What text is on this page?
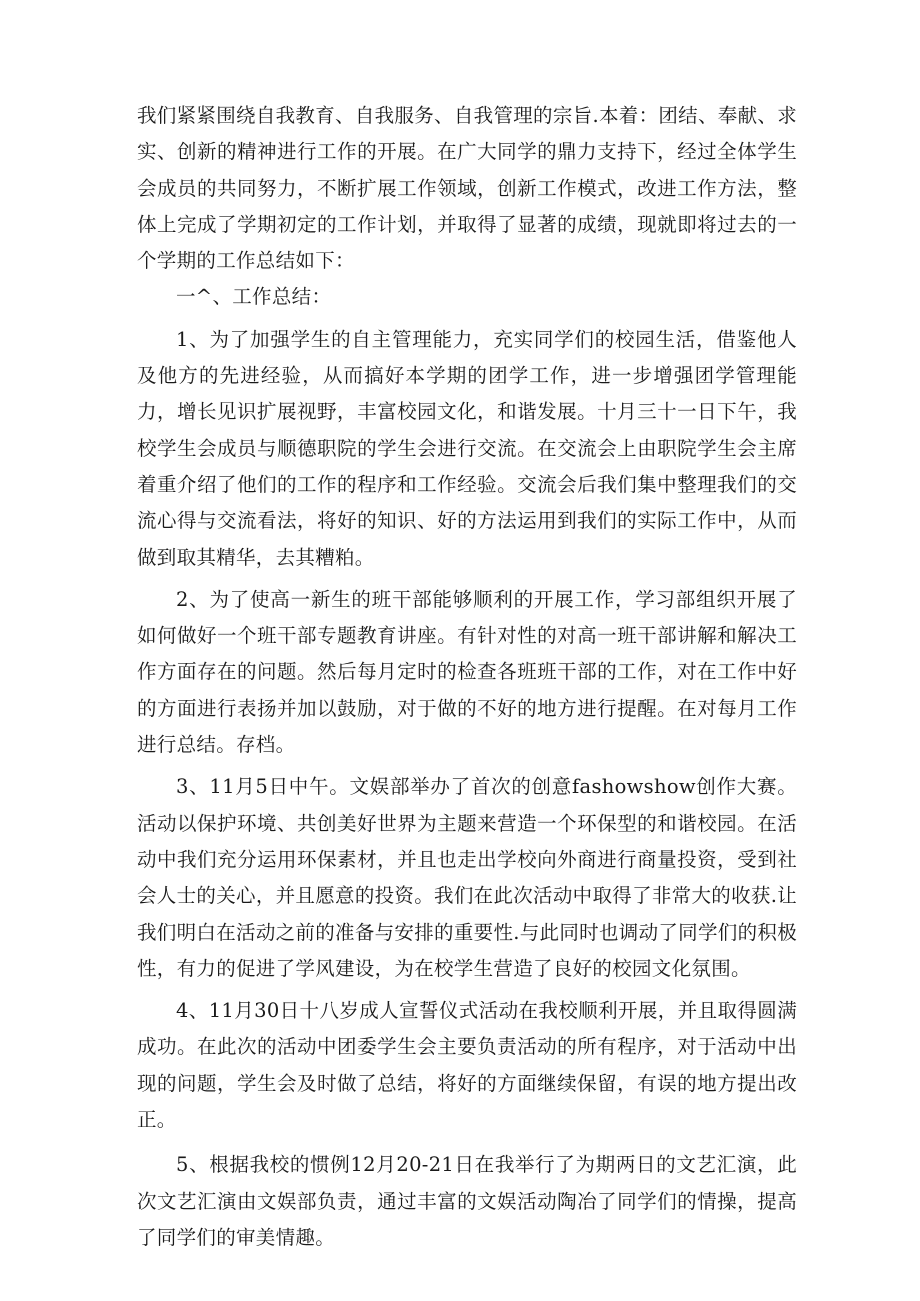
我们紧紧围绕自我教育、自我服务、自我管理的宗旨.本着：团结、奉献、求实、创新的精神进行工作的开展。在广大同学的鼎力支持下，经过全体学生会成员的共同努力，不断扩展工作领域，创新工作模式，改进工作方法，整体上完成了学期初定的工作计划，并取得了显著的成绩，现就即将过去的一个学期的工作总结如下：

一^、工作总结：

1、为了加强学生的自主管理能力，充实同学们的校园生活，借鉴他人及他方的先进经验，从而搞好本学期的团学工作，进一步增强团学管理能力，增长见识扩展视野，丰富校园文化，和谐发展。十月三十一日下午，我校学生会成员与顺德职院的学生会进行交流。在交流会上由职院学生会主席着重介绍了他们的工作的程序和工作经验。交流会后我们集中整理我们的交流心得与交流看法，将好的知识、好的方法运用到我们的实际工作中，从而做到取其精华，去其糟粕。

2、为了使高一新生的班干部能够顺利的开展工作，学习部组织开展了如何做好一个班干部专题教育讲座。有针对性的对高一班干部讲解和解决工作方面存在的问题。然后每月定时的检查各班班干部的工作，对在工作中好的方面进行表扬并加以鼓励，对于做的不好的地方进行提醒。在对每月工作进行总结。存档。

3、11月5日中午。文娱部举办了首次的创意fashowshow创作大赛。活动以保护环境、共创美好世界为主题来营造一个环保型的和谐校园。在活动中我们充分运用环保素材，并且也走出学校向外商进行商量投资，受到社会人士的关心，并且愿意的投资。我们在此次活动中取得了非常大的收获.让我们明白在活动之前的准备与安排的重要性.与此同时也调动了同学们的积极性，有力的促进了学风建设，为在校学生营造了良好的校园文化氛围。

4、11月30日十八岁成人宣誓仪式活动在我校顺利开展，并且取得圆满成功。在此次的活动中团委学生会主要负责活动的所有程序，对于活动中出现的问题，学生会及时做了总结，将好的方面继续保留，有误的地方提出改正。

5、根据我校的惯例12月20-21日在我举行了为期两日的文艺汇演，此次文艺汇演由文娱部负责，通过丰富的文娱活动陶冶了同学们的情操，提高了同学们的审美情趣。
